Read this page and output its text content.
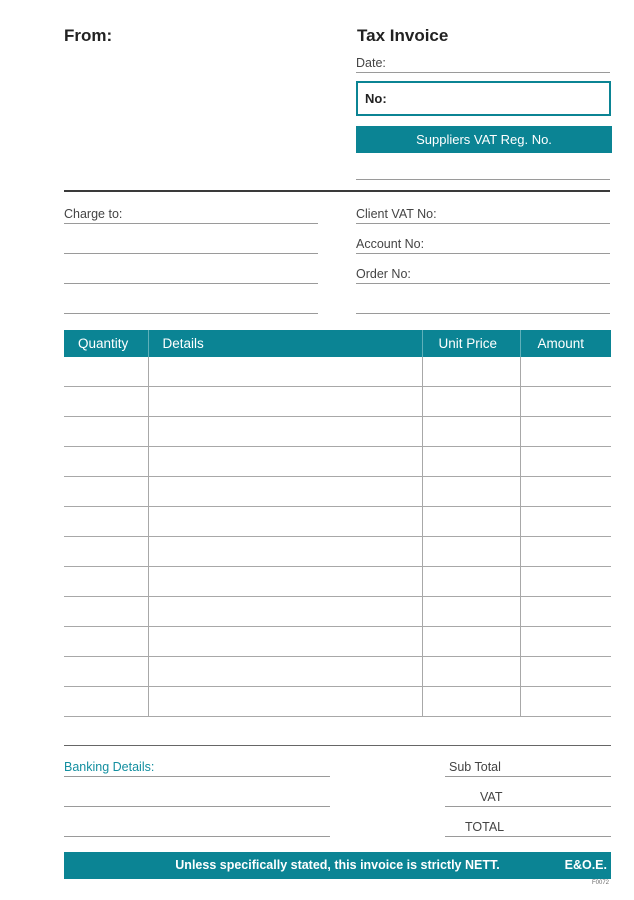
From:	Tax Invoice
Date:
No:
Suppliers VAT Reg. No.
Charge to:	Client VAT No:
Account No:
Order No:
Quantity	Details	Unit Price	Amount

Banking Details:	Sub Total
VAT
TOTAL
Unless specifically stated, this invoice is strictly NETT.	E&O.E.
F0072
